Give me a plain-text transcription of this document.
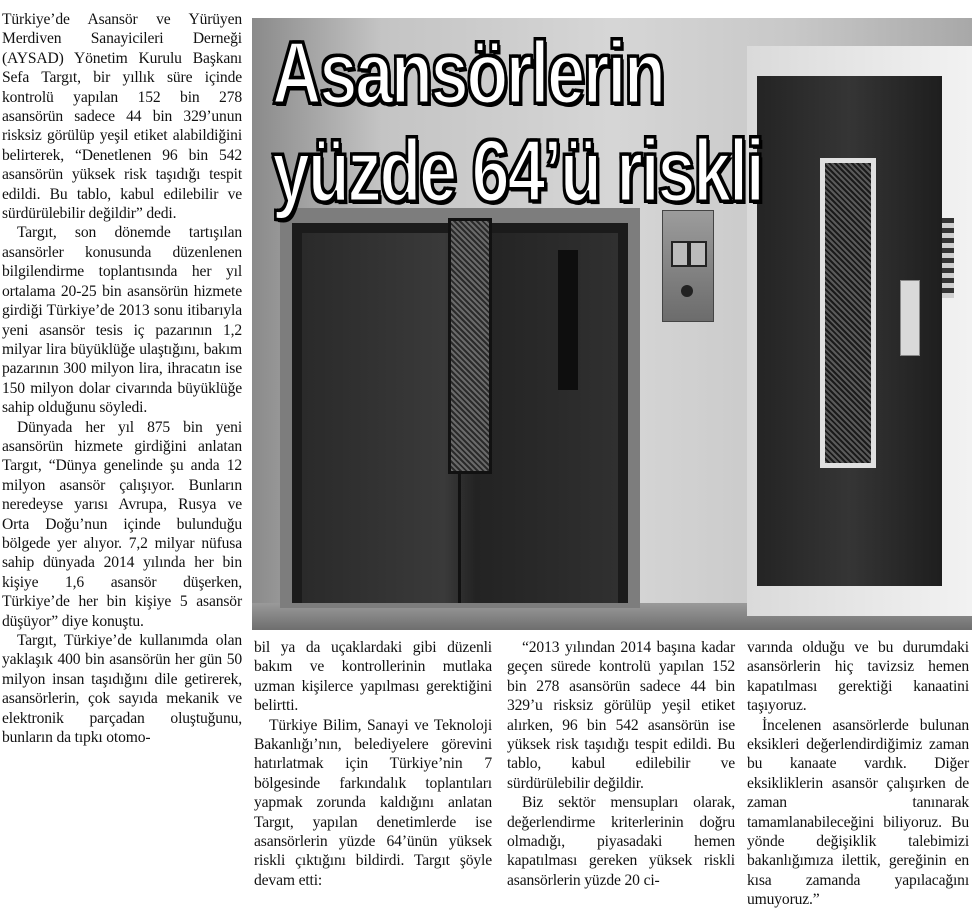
Türkiye’de Asansör ve Yürüyen Merdiven Sanayicileri Derneği (AYSAD) Yönetim Kurulu Başkanı Sefa Targıt, bir yıllık süre içinde kontrolü yapılan 152 bin 278 asansörün sadece 44 bin 329’unun risksiz görülüp yeşil etiket alabildiğini belirterek, “Denetlenen 96 bin 542 asansörün yüksek risk taşıdığı tespit edildi. Bu tablo, kabul edilebilir ve sürdürülebilir değildir” dedi.

Targıt, son dönemde tartışılan asansörler konusunda düzenlenen bilgilendirme toplantısında her yıl ortalama 20-25 bin asansörün hizmete girdiği Türkiye’de 2013 sonu itibarıyla yeni asansör tesis iç pazarının 1,2 milyar lira büyüklüğe ulaştığını, bakım pazarının 300 milyon lira, ihracatın ise 150 milyon dolar civarında büyüklüğe sahip olduğunu söyledi.

Dünyada her yıl 875 bin yeni asansörün hizmete girdiğini anlatan Targıt, “Dünya genelinde şu anda 12 milyon asansör çalışıyor. Bunların neredeyse yarısı Avrupa, Rusya ve Orta Doğu’nun içinde bulunduğu bölgede yer alıyor. 7,2 milyar nüfusa sahip dünyada 2014 yılında her bin kişiye 1,6 asansör düşerken, Türkiye’de her bin kişiye 5 asansör düşüyor” diye konuştu.

Targıt, Türkiye’de kullanımda olan yaklaşık 400 bin asansörün her gün 50 milyon insan taşıdığını dile getirerek, asansörlerin, çok sayıda mekanik ve elektronik parçadan oluştuğunu, bunların da tıpkı otomo-

Asansörlerin
yüzde 64’ü riskli

bil ya da uçaklardaki gibi düzenli bakım ve kontrollerinin mutlaka uzman kişilerce yapılması gerektiğini belirtti.

Türkiye Bilim, Sanayi ve Teknoloji Bakanlığı’nın, belediyelere görevini hatırlatmak için Türkiye’nin 7 bölgesinde farkındalık toplantıları yapmak zorunda kaldığını anlatan Targıt, yapılan denetimlerde ise asansörlerin yüzde 64’ünün yüksek riskli çıktığını bildirdi. Targıt şöyle devam etti:

“2013 yılından 2014 başına kadar geçen sürede kontrolü yapılan 152 bin 278 asansörün sadece 44 bin 329’u risksiz görülüp yeşil etiket alırken, 96 bin 542 asansörün ise yüksek risk taşıdığı tespit edildi. Bu tablo, kabul edilebilir ve sürdürülebilir değildir.

Biz sektör mensupları olarak, değerlendirme kriterlerinin doğru olmadığı, piyasadaki hemen kapatılması gereken yüksek riskli asansörlerin yüzde 20 ci-

varında olduğu ve bu durumdaki asansörlerin hiç tavizsiz hemen kapatılması gerektiği kanaatini taşıyoruz.

İncelenen asansörlerde bulunan eksikleri değerlendirdiğimiz zaman bu kanaate vardık. Diğer eksikliklerin asansör çalışırken de zaman tanınarak tamamlanabileceğini biliyoruz. Bu yönde değişiklik talebimizi bakanlığımıza ilettik, gereğinin en kısa zamanda yapılacağını umuyoruz.”
